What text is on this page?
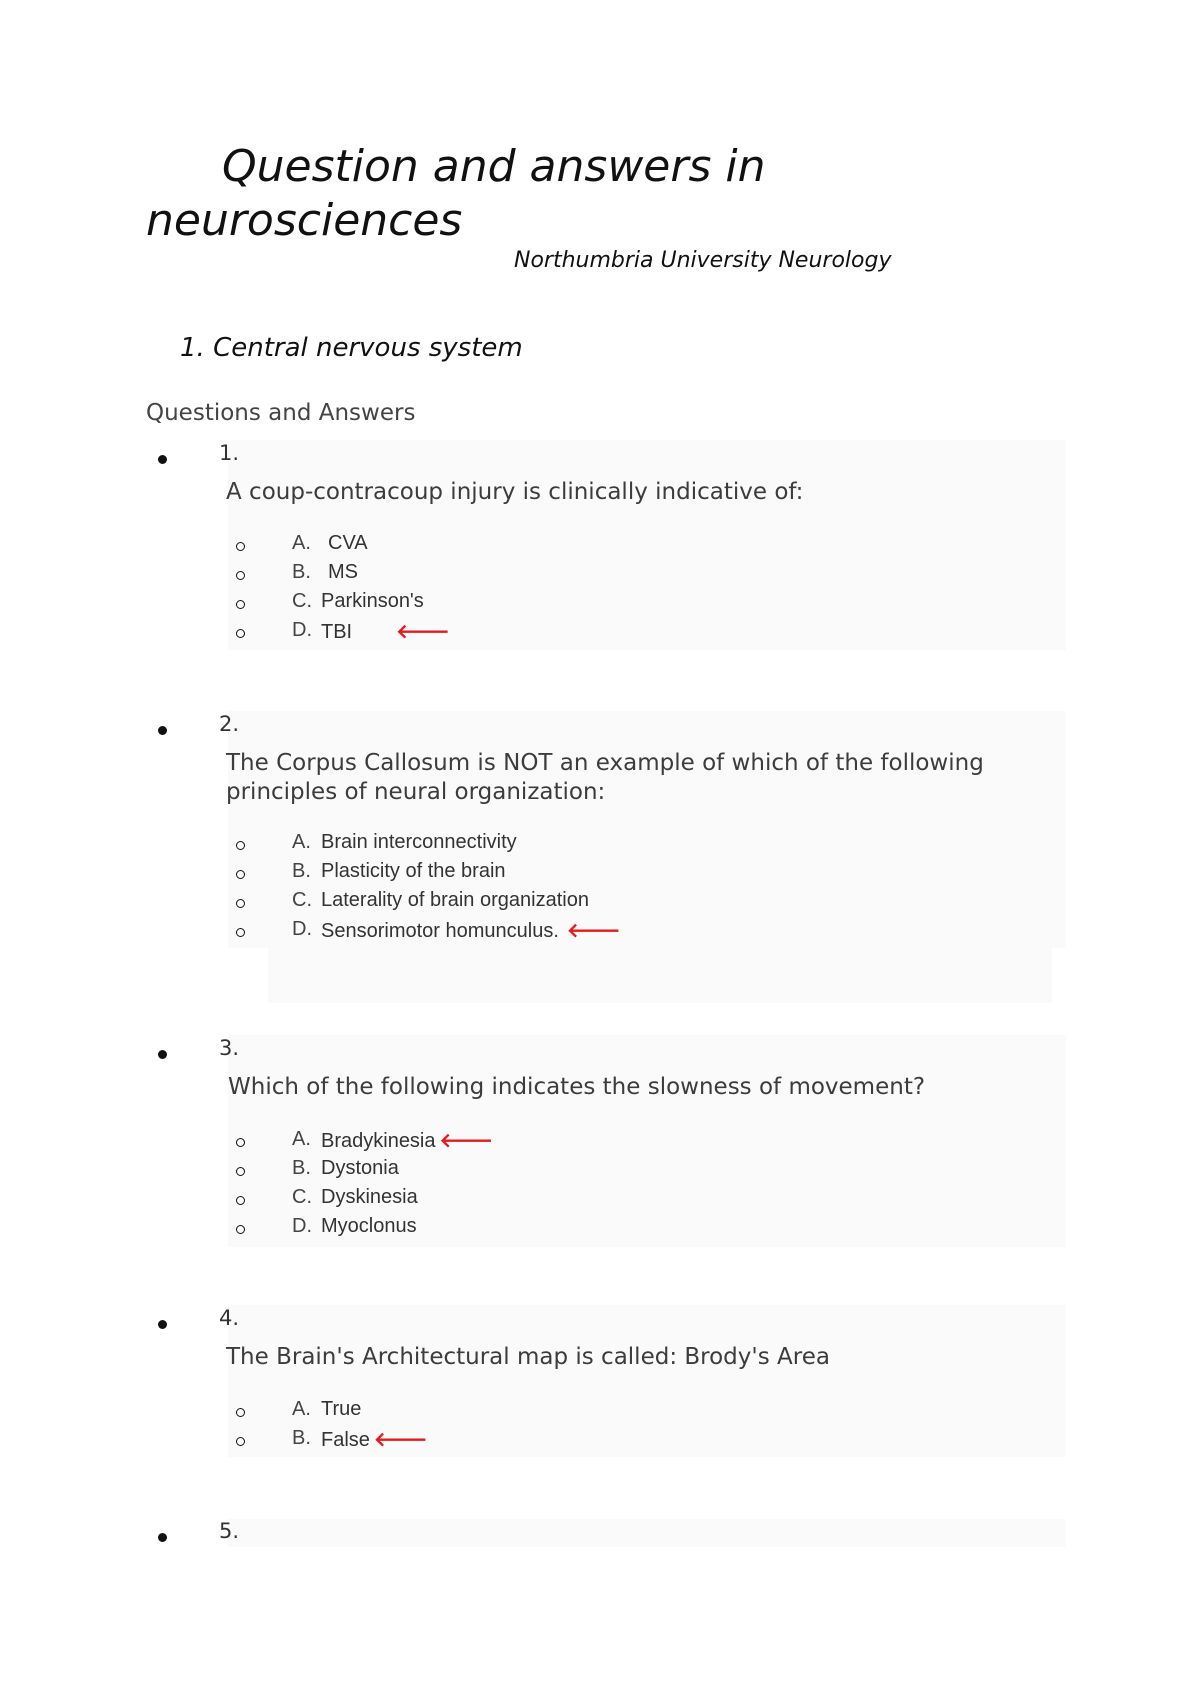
Question and answers in
neurosciences
Northumbria University Neurology
1. Central nervous system
Questions and Answers
1.
A coup-contracoup injury is clinically indicative of:
A. CVA
B. MS
C. Parkinson's
D. TBI 🡐
2.
The Corpus Callosum is NOT an example of which of the following principles of neural organization:
A. Brain interconnectivity
B. Plasticity of the brain
C. Laterality of brain organization
D. Sensorimotor homunculus. 🡐
3.
Which of the following indicates the slowness of movement?
A. Bradykinesia 🡐
B. Dystonia
C. Dyskinesia
D. Myoclonus
4.
The Brain's Architectural map is called: Brody's Area
A. True
B. False 🡐
5.
